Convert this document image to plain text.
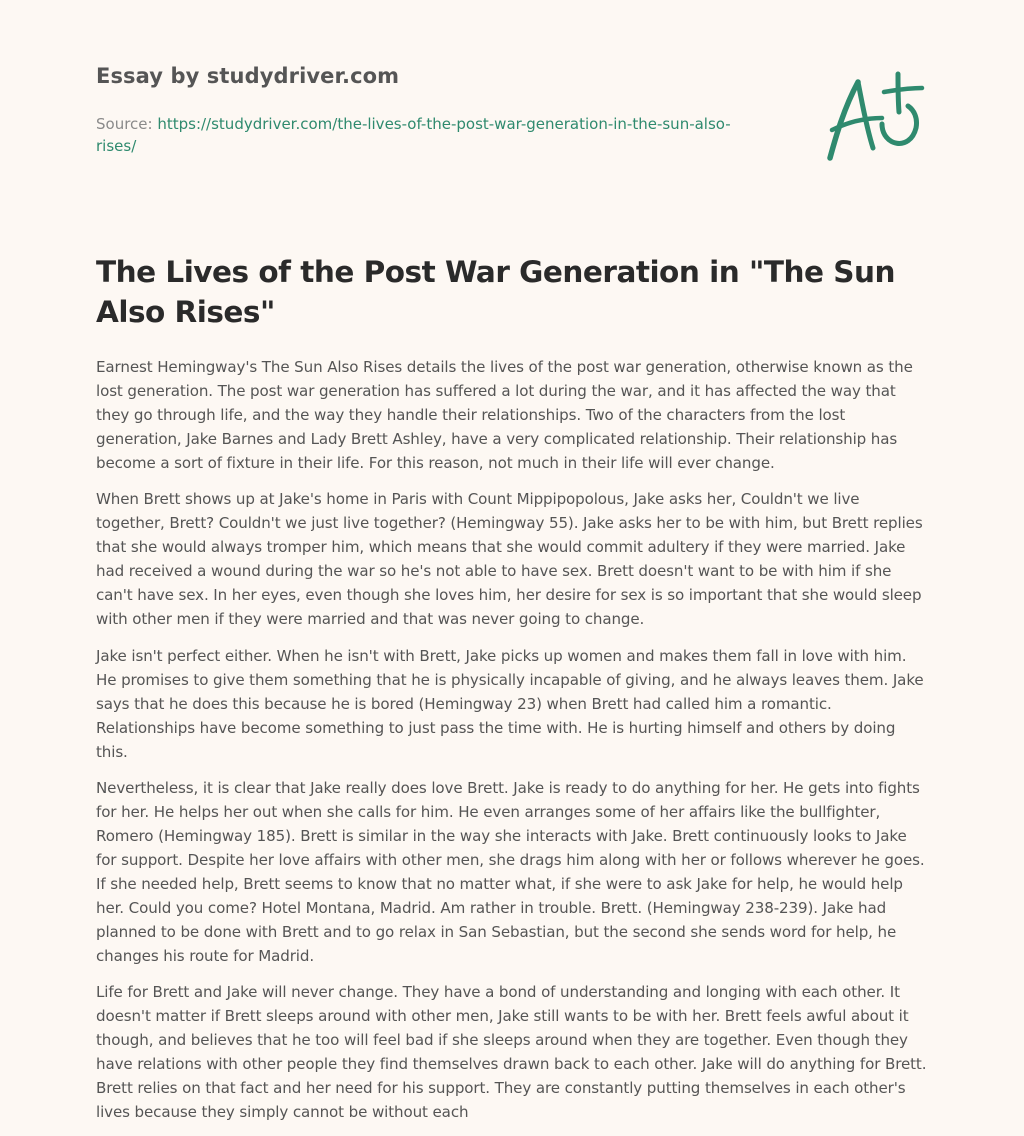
Essay by studydriver.com
Source: https://studydriver.com/the-lives-of-the-post-war-generation-in-the-sun-also-rises/
The Lives of the Post War Generation in "The Sun Also Rises"

Earnest Hemingway's The Sun Also Rises details the lives of the post war generation, otherwise known as the lost generation. The post war generation has suffered a lot during the war, and it has affected the way that they go through life, and the way they handle their relationships. Two of the characters from the lost generation, Jake Barnes and Lady Brett Ashley, have a very complicated relationship. Their relationship has become a sort of fixture in their life. For this reason, not much in their life will ever change.

When Brett shows up at Jake's home in Paris with Count Mippipopolous, Jake asks her, Couldn't we live together, Brett? Couldn't we just live together? (Hemingway 55). Jake asks her to be with him, but Brett replies that she would always tromper him, which means that she would commit adultery if they were married. Jake had received a wound during the war so he's not able to have sex. Brett doesn't want to be with him if she can't have sex. In her eyes, even though she loves him, her desire for sex is so important that she would sleep with other men if they were married and that was never going to change.

Jake isn't perfect either. When he isn't with Brett, Jake picks up women and makes them fall in love with him. He promises to give them something that he is physically incapable of giving, and he always leaves them. Jake says that he does this because he is bored (Hemingway 23) when Brett had called him a romantic. Relationships have become something to just pass the time with. He is hurting himself and others by doing this.

Nevertheless, it is clear that Jake really does love Brett. Jake is ready to do anything for her. He gets into fights for her. He helps her out when she calls for him. He even arranges some of her affairs like the bullfighter, Romero (Hemingway 185). Brett is similar in the way she interacts with Jake. Brett continuously looks to Jake for support. Despite her love affairs with other men, she drags him along with her or follows wherever he goes. If she needed help, Brett seems to know that no matter what, if she were to ask Jake for help, he would help her. Could you come? Hotel Montana, Madrid. Am rather in trouble. Brett. (Hemingway 238-239). Jake had planned to be done with Brett and to go relax in San Sebastian, but the second she sends word for help, he changes his route for Madrid.

Life for Brett and Jake will never change. They have a bond of understanding and longing with each other. It doesn't matter if Brett sleeps around with other men, Jake still wants to be with her. Brett feels awful about it though, and believes that he too will feel bad if she sleeps around when they are together. Even though they have relations with other people they find themselves drawn back to each other. Jake will do anything for Brett. Brett relies on that fact and her need for his support. They are constantly putting themselves in each other's lives because they simply cannot be without each
